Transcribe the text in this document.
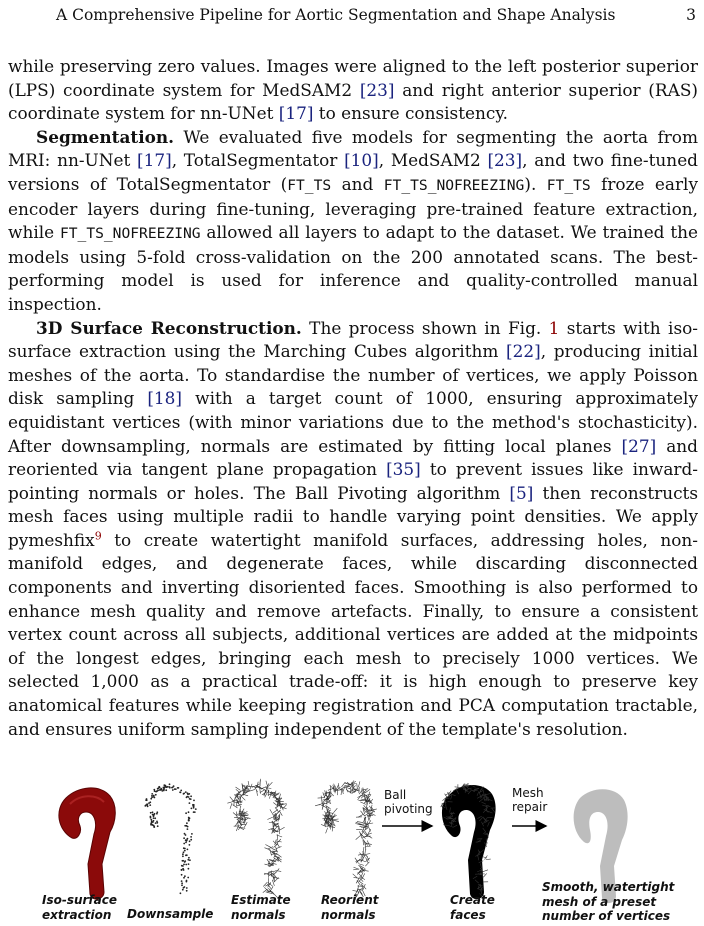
A Comprehensive Pipeline for Aortic Segmentation and Shape Analysis	3

while preserving zero values. Images were aligned to the left posterior superior (LPS) coordinate system for MedSAM2 [23] and right anterior superior (RAS) coordinate system for nn-UNet [17] to ensure consistency.

Segmentation. We evaluated five models for segmenting the aorta from MRI: nn-UNet [17], TotalSegmentator [10], MedSAM2 [23], and two fine-tuned versions of TotalSegmentator (FT_TS and FT_TS_NOFREEZING). FT_TS froze early encoder layers during fine-tuning, leveraging pre-trained feature extraction, while FT_TS_NOFREEZING allowed all layers to adapt to the dataset. We trained the models using 5-fold cross-validation on the 200 annotated scans. The best-performing model is used for inference and quality-controlled manual inspection.

3D Surface Reconstruction. The process shown in Fig. 1 starts with iso-surface extraction using the Marching Cubes algorithm [22], producing initial meshes of the aorta. To standardise the number of vertices, we apply Poisson disk sampling [18] with a target count of 1000, ensuring approximately equidistant vertices (with minor variations due to the method's stochasticity). After downsampling, normals are estimated by fitting local planes [27] and reoriented via tangent plane propagation [35] to prevent issues like inward-pointing normals or holes. The Ball Pivoting algorithm [5] then reconstructs mesh faces using multiple radii to handle varying point densities. We apply pymeshfix$^9$ to create watertight manifold surfaces, addressing holes, non-manifold edges, and degenerate faces, while discarding disconnected components and inverting disoriented faces. Smoothing is also performed to enhance mesh quality and remove artefacts. Finally, to ensure a consistent vertex count across all subjects, additional vertices are added at the midpoints of the longest edges, bringing each mesh to precisely 1000 vertices. We selected 1,000 as a practical trade-off: it is high enough to preserve key anatomical features while keeping registration and PCA computation tractable, and ensures uniform sampling independent of the template's resolution.

Ball
pivoting
Mesh
repair
Iso-surface
extraction	Downsample
Estimate
normals
Reorient
normals
Create
faces
Smooth, watertight
mesh of a preset
number of vertices
